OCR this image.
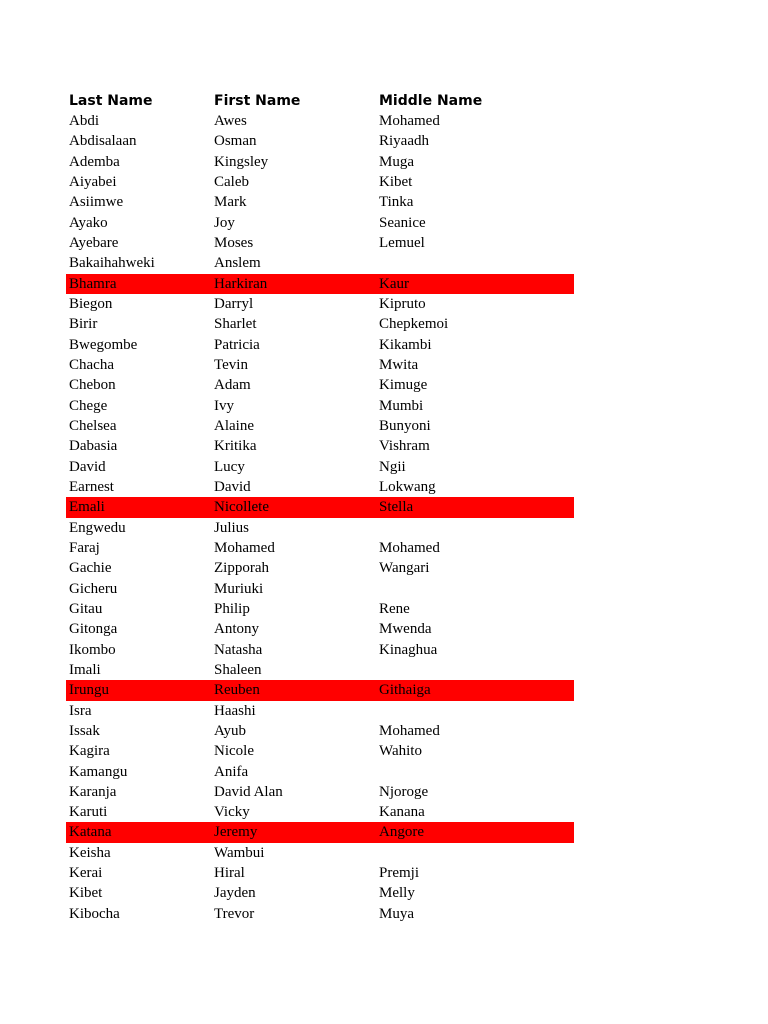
Last Name	First Name	Middle Name
Abdi	Awes	Mohamed
Abdisalaan	Osman	Riyaadh
Ademba	Kingsley	Muga
Aiyabei	Caleb	Kibet
Asiimwe	Mark	Tinka
Ayako	Joy	Seanice
Ayebare	Moses	Lemuel
Bakaihahweki	Anslem
Bhamra	Harkiran	Kaur
Biegon	Darryl	Kipruto
Birir	Sharlet	Chepkemoi
Bwegombe	Patricia	Kikambi
Chacha	Tevin	Mwita
Chebon	Adam	Kimuge
Chege	Ivy	Mumbi
Chelsea	Alaine	Bunyoni
Dabasia	Kritika	Vishram
David	Lucy	Ngii
Earnest	David	Lokwang
Emali	Nicollete	Stella
Engwedu	Julius
Faraj	Mohamed	Mohamed
Gachie	Zipporah	Wangari
Gicheru	Muriuki
Gitau	Philip	Rene
Gitonga	Antony	Mwenda
Ikombo	Natasha	Kinaghua
Imali	Shaleen
Irungu	Reuben	Githaiga
Isra	Haashi
Issak	Ayub	Mohamed
Kagira	Nicole	Wahito
Kamangu	Anifa
Karanja	David Alan	Njoroge
Karuti	Vicky	Kanana
Katana	Jeremy	Angore
Keisha	Wambui
Kerai	Hiral	Premji
Kibet	Jayden	Melly
Kibocha	Trevor	Muya
